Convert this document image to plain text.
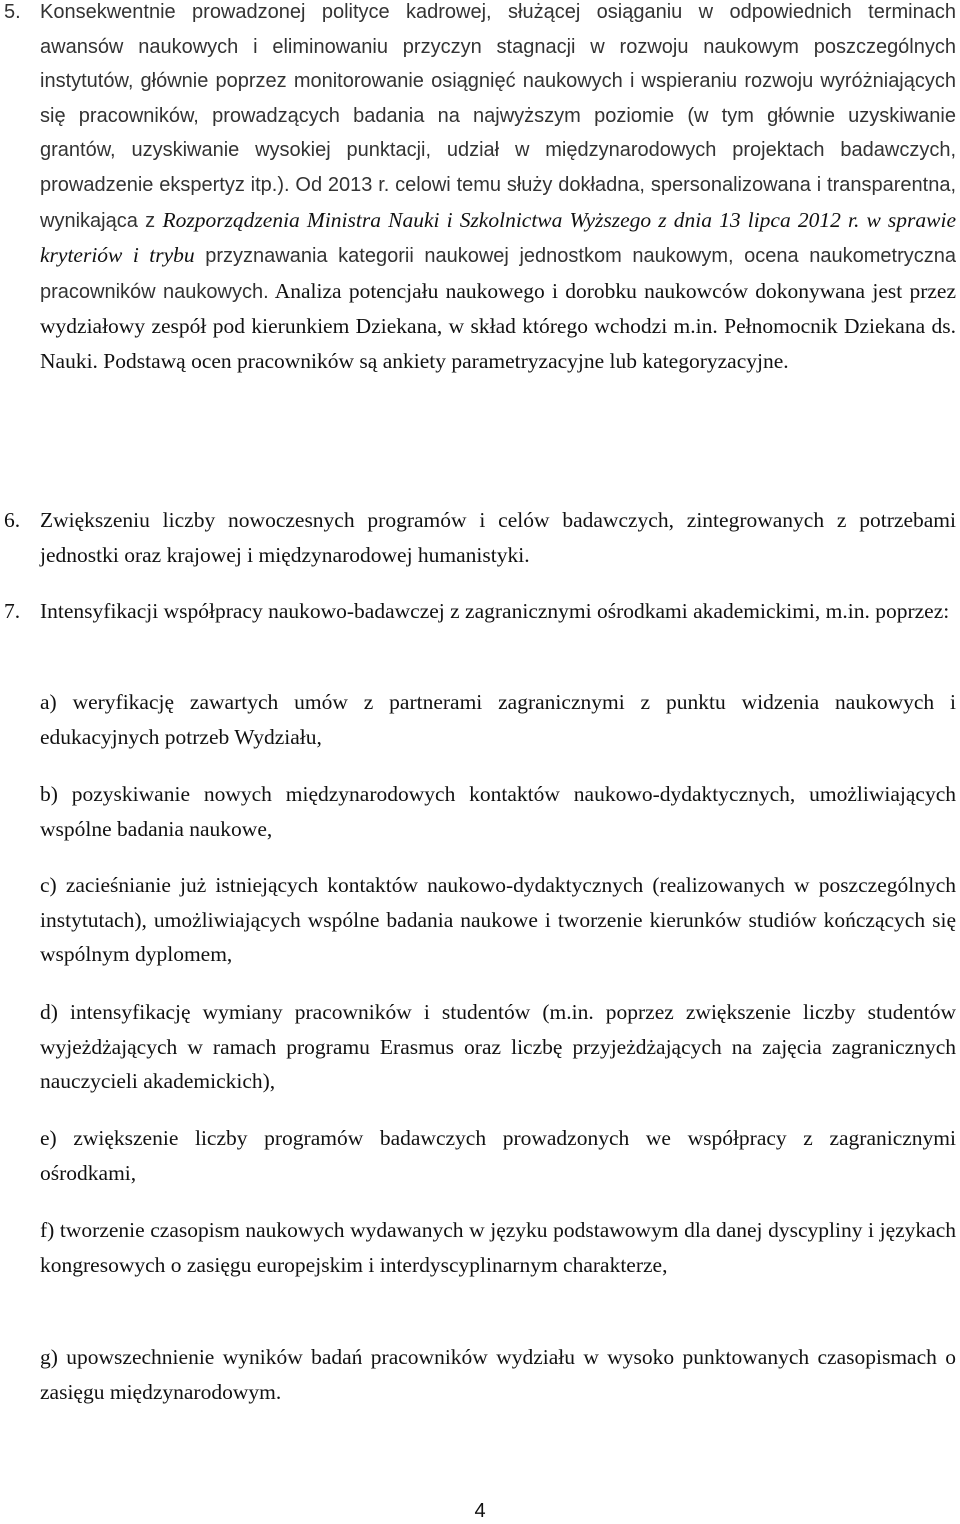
5. Konsekwentnie prowadzonej polityce kadrowej, służącej osiąganiu w odpowiednich terminach awansów naukowych i eliminowaniu przyczyn stagnacji w rozwoju naukowym poszczególnych instytutów, głównie poprzez monitorowanie osiągnięć naukowych i wspieraniu rozwoju wyróżniających się pracowników, prowadzących badania na najwyższym poziomie (w tym głównie uzyskiwanie grantów, uzyskiwanie wysokiej punktacji, udział w międzynarodowych projektach badawczych, prowadzenie ekspertyz itp.). Od 2013 r. celowi temu służy dokładna, spersonalizowana i transparentna, wynikająca z Rozporządzenia Ministra Nauki i Szkolnictwa Wyższego z dnia 13 lipca 2012 r. w sprawie kryteriów i trybu przyznawania kategorii naukowej jednostkom naukowym, ocena naukometryczna pracowników naukowych. Analiza potencjału naukowego i dorobku naukowców dokonywana jest przez wydziałowy zespół pod kierunkiem Dziekana, w skład którego wchodzi m.in. Pełnomocnik Dziekana ds. Nauki. Podstawą ocen pracowników są ankiety parametryzacyjne lub kategoryzacyjne.

6. Zwiększeniu liczby nowoczesnych programów i celów badawczych, zintegrowanych z potrzebami jednostki oraz krajowej i międzynarodowej humanistyki.

7. Intensyfikacji współpracy naukowo-badawczej z zagranicznymi ośrodkami akademickimi, m.in. poprzez:

a) weryfikację zawartych umów z partnerami zagranicznymi z punktu widzenia naukowych i edukacyjnych potrzeb Wydziału,

b) pozyskiwanie nowych międzynarodowych kontaktów naukowo-dydaktycznych, umożliwiających wspólne badania naukowe,

c) zacieśnianie już istniejących kontaktów naukowo-dydaktycznych (realizowanych w poszczególnych instytutach), umożliwiających wspólne badania naukowe i tworzenie kierunków studiów kończących się wspólnym dyplomem,

d) intensyfikację wymiany pracowników i studentów (m.in. poprzez zwiększenie liczby studentów wyjeżdżających w ramach programu Erasmus oraz liczbę przyjeżdżających na zajęcia zagranicznych nauczycieli akademickich),

e) zwiększenie liczby programów badawczych prowadzonych we współpracy z zagranicznymi ośrodkami,

f) tworzenie czasopism naukowych wydawanych w języku podstawowym dla danej dyscypliny i językach kongresowych o zasięgu europejskim i interdyscyplinarnym charakterze,

g) upowszechnienie wyników badań pracowników wydziału w wysoko punktowanych czasopismach o zasięgu międzynarodowym.

4
